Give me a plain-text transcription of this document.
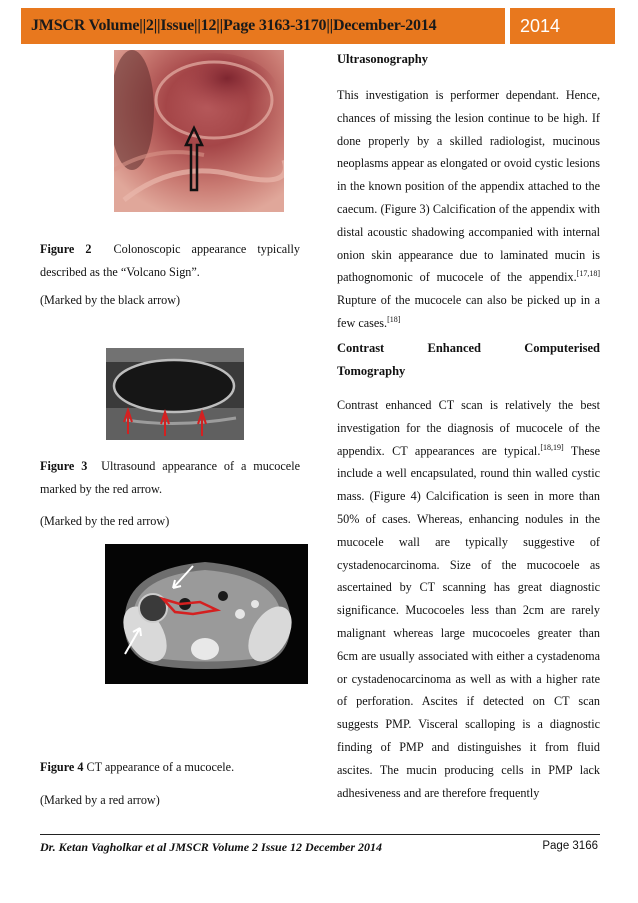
JMSCR Volume||2||Issue||12||Page 3163-3170||December-2014	2014
Figure 2 Colonoscopic appearance typically described as the “Volcano Sign”.
(Marked by the black arrow)
Figure 3 Ultrasound appearance of a mucocele marked by the red arrow.
(Marked by the red arrow)
Figure 4 CT appearance of a mucocele.
(Marked by a red arrow)
Ultrasonography
This investigation is performer dependant. Hence, chances of missing the lesion continue to be high. If done properly by a skilled radiologist, mucinous neoplasms appear as elongated or ovoid cystic lesions in the known position of the appendix attached to the caecum. (Figure 3) Calcification of the appendix with distal acoustic shadowing accompanied with internal onion skin appearance due to laminated mucin is pathognomonic of mucocele of the appendix.[17,18] Rupture of the mucocele can also be picked up in a few cases.[18]
Contrast	Enhanced	Computerised
Tomography
Contrast enhanced CT scan is relatively the best investigation for the diagnosis of mucocele of the appendix. CT appearances are typical.[18,19] These include a well encapsulated, round thin walled cystic mass. (Figure 4) Calcification is seen in more than 50% of cases. Whereas, enhancing nodules in the mucocele wall are typically suggestive of cystadenocarcinoma. Size of the mucocoele as ascertained by CT scanning has great diagnostic significance. Mucocoeles less than 2cm are rarely malignant whereas large mucocoeles greater than 6cm are usually associated with either a cystadenoma or cystadenocarcinoma as well as with a higher rate of perforation. Ascites if detected on CT scan suggests PMP. Visceral scalloping is a diagnostic finding of PMP and distinguishes it from fluid ascites. The mucin producing cells in PMP lack adhesiveness and are therefore frequently
Dr. Ketan Vagholkar et al JMSCR Volume 2 Issue 12 December 2014	Page 3166
